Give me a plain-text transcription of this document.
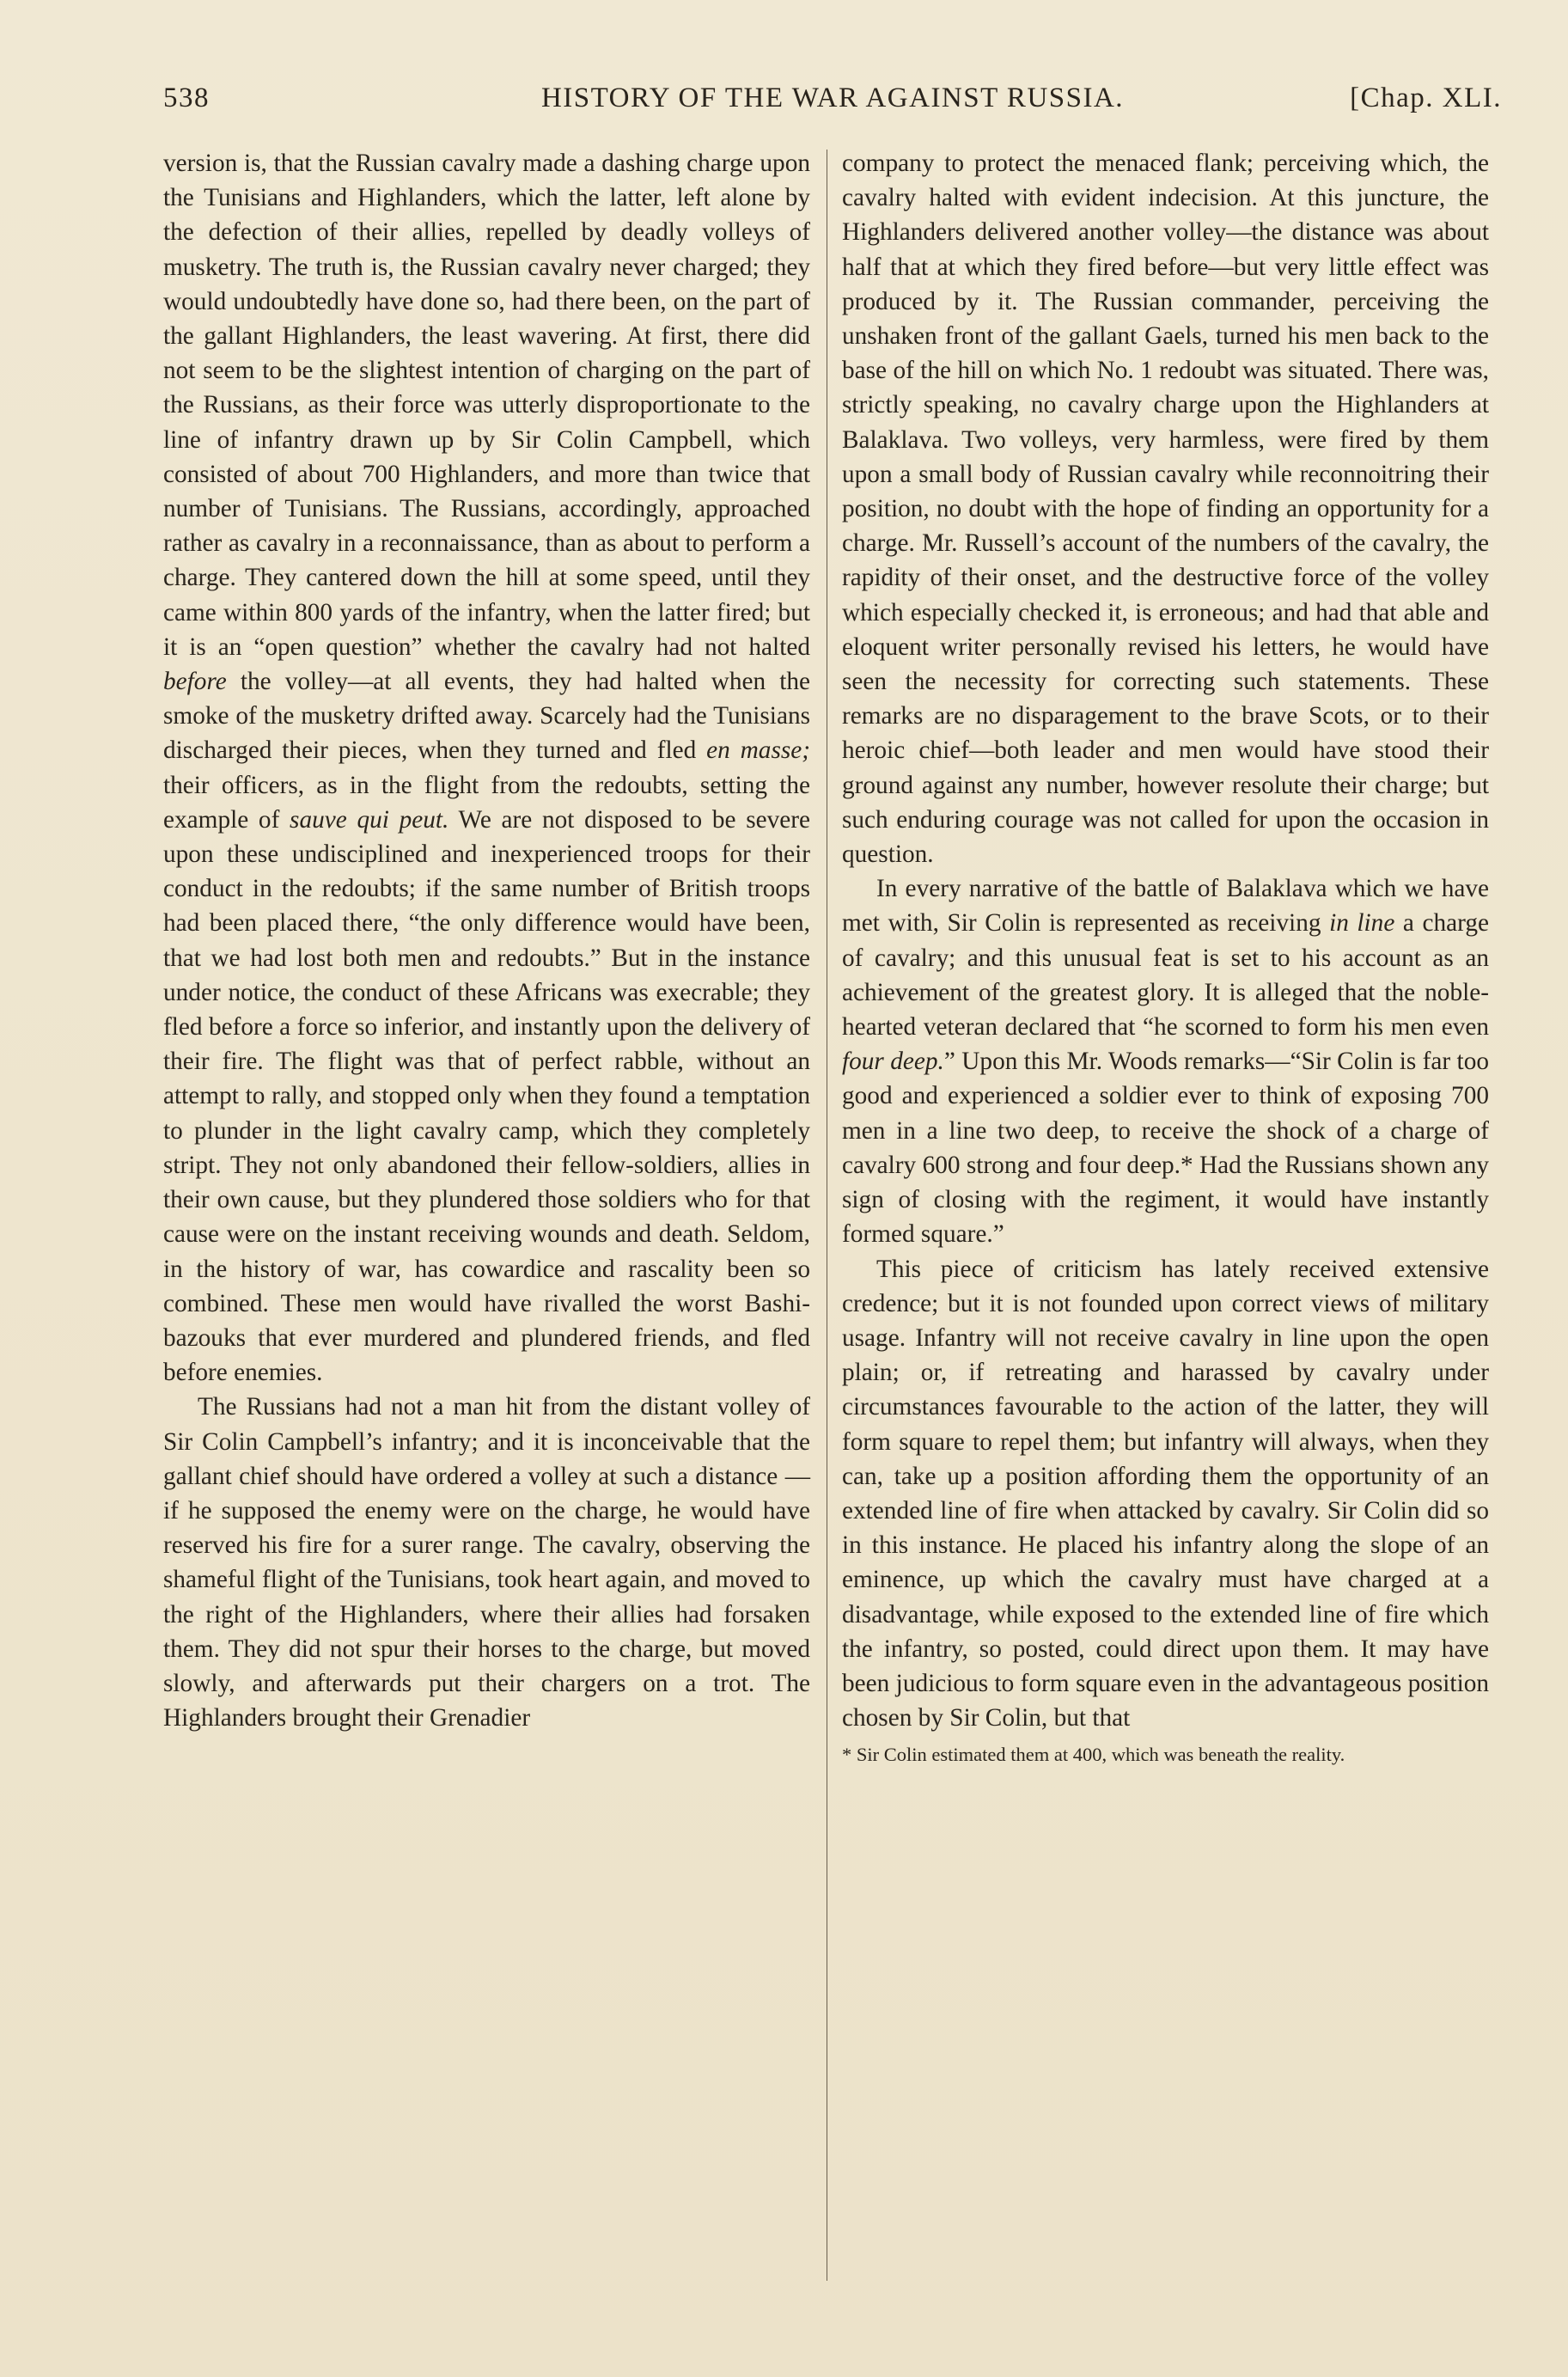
538	HISTORY OF THE WAR AGAINST RUSSIA.	[Chap. XLI.

version is, that the Russian cavalry made a dashing charge upon the Tunisians and Highlanders, which the latter, left alone by the defection of their allies, repelled by deadly volleys of musketry. The truth is, the Russian cavalry never charged; they would undoubtedly have done so, had there been, on the part of the gallant Highlanders, the least wavering. At first, there did not seem to be the slightest intention of charging on the part of the Russians, as their force was utterly disproportionate to the line of infantry drawn up by Sir Colin Campbell, which consisted of about 700 Highlanders, and more than twice that number of Tunisians. The Russians, accordingly, approached rather as cavalry in a reconnaissance, than as about to perform a charge. They cantered down the hill at some speed, until they came within 800 yards of the infantry, when the latter fired; but it is an “open question” whether the cavalry had not halted before the volley—at all events, they had halted when the smoke of the musketry drifted away. Scarcely had the Tunisians discharged their pieces, when they turned and fled en masse; their officers, as in the flight from the redoubts, setting the example of sauve qui peut. We are not disposed to be severe upon these undisciplined and inexperienced troops for their conduct in the redoubts; if the same number of British troops had been placed there, “the only difference would have been, that we had lost both men and redoubts.” But in the instance under notice, the conduct of these Africans was execrable; they fled before a force so inferior, and instantly upon the delivery of their fire. The flight was that of perfect rabble, without an attempt to rally, and stopped only when they found a temptation to plunder in the light cavalry camp, which they completely stript. They not only abandoned their fellow-soldiers, allies in their own cause, but they plundered those soldiers who for that cause were on the instant receiving wounds and death. Seldom, in the history of war, has cowardice and rascality been so combined. These men would have rivalled the worst Bashi-bazouks that ever murdered and plundered friends, and fled before enemies.

The Russians had not a man hit from the distant volley of Sir Colin Campbell’s infantry; and it is inconceivable that the gallant chief should have ordered a volley at such a distance —if he supposed the enemy were on the charge, he would have reserved his fire for a surer range. The cavalry, observing the shameful flight of the Tunisians, took heart again, and moved to the right of the Highlanders, where their allies had forsaken them. They did not spur their horses to the charge, but moved slowly, and afterwards put their chargers on a trot. The Highlanders brought their Grenadier

company to protect the menaced flank; perceiving which, the cavalry halted with evident indecision. At this juncture, the Highlanders delivered another volley—the distance was about half that at which they fired before—but very little effect was produced by it. The Russian commander, perceiving the unshaken front of the gallant Gaels, turned his men back to the base of the hill on which No. 1 redoubt was situated. There was, strictly speaking, no cavalry charge upon the Highlanders at Balaklava. Two volleys, very harmless, were fired by them upon a small body of Russian cavalry while reconnoitring their position, no doubt with the hope of finding an opportunity for a charge. Mr. Russell’s account of the numbers of the cavalry, the rapidity of their onset, and the destructive force of the volley which especially checked it, is erroneous; and had that able and eloquent writer personally revised his letters, he would have seen the necessity for correcting such statements. These remarks are no disparagement to the brave Scots, or to their heroic chief—both leader and men would have stood their ground against any number, however resolute their charge; but such enduring courage was not called for upon the occasion in question.

In every narrative of the battle of Balaklava which we have met with, Sir Colin is represented as receiving in line a charge of cavalry; and this unusual feat is set to his account as an achievement of the greatest glory. It is alleged that the noble-hearted veteran declared that “he scorned to form his men even four deep.” Upon this Mr. Woods remarks—“Sir Colin is far too good and experienced a soldier ever to think of exposing 700 men in a line two deep, to receive the shock of a charge of cavalry 600 strong and four deep.* Had the Russians shown any sign of closing with the regiment, it would have instantly formed square.”

This piece of criticism has lately received extensive credence; but it is not founded upon correct views of military usage. Infantry will not receive cavalry in line upon the open plain; or, if retreating and harassed by cavalry under circumstances favourable to the action of the latter, they will form square to repel them; but infantry will always, when they can, take up a position affording them the opportunity of an extended line of fire when attacked by cavalry. Sir Colin did so in this instance. He placed his infantry along the slope of an eminence, up which the cavalry must have charged at a disadvantage, while exposed to the extended line of fire which the infantry, so posted, could direct upon them. It may have been judicious to form square even in the advantageous position chosen by Sir Colin, but that

* Sir Colin estimated them at 400, which was beneath the reality.
